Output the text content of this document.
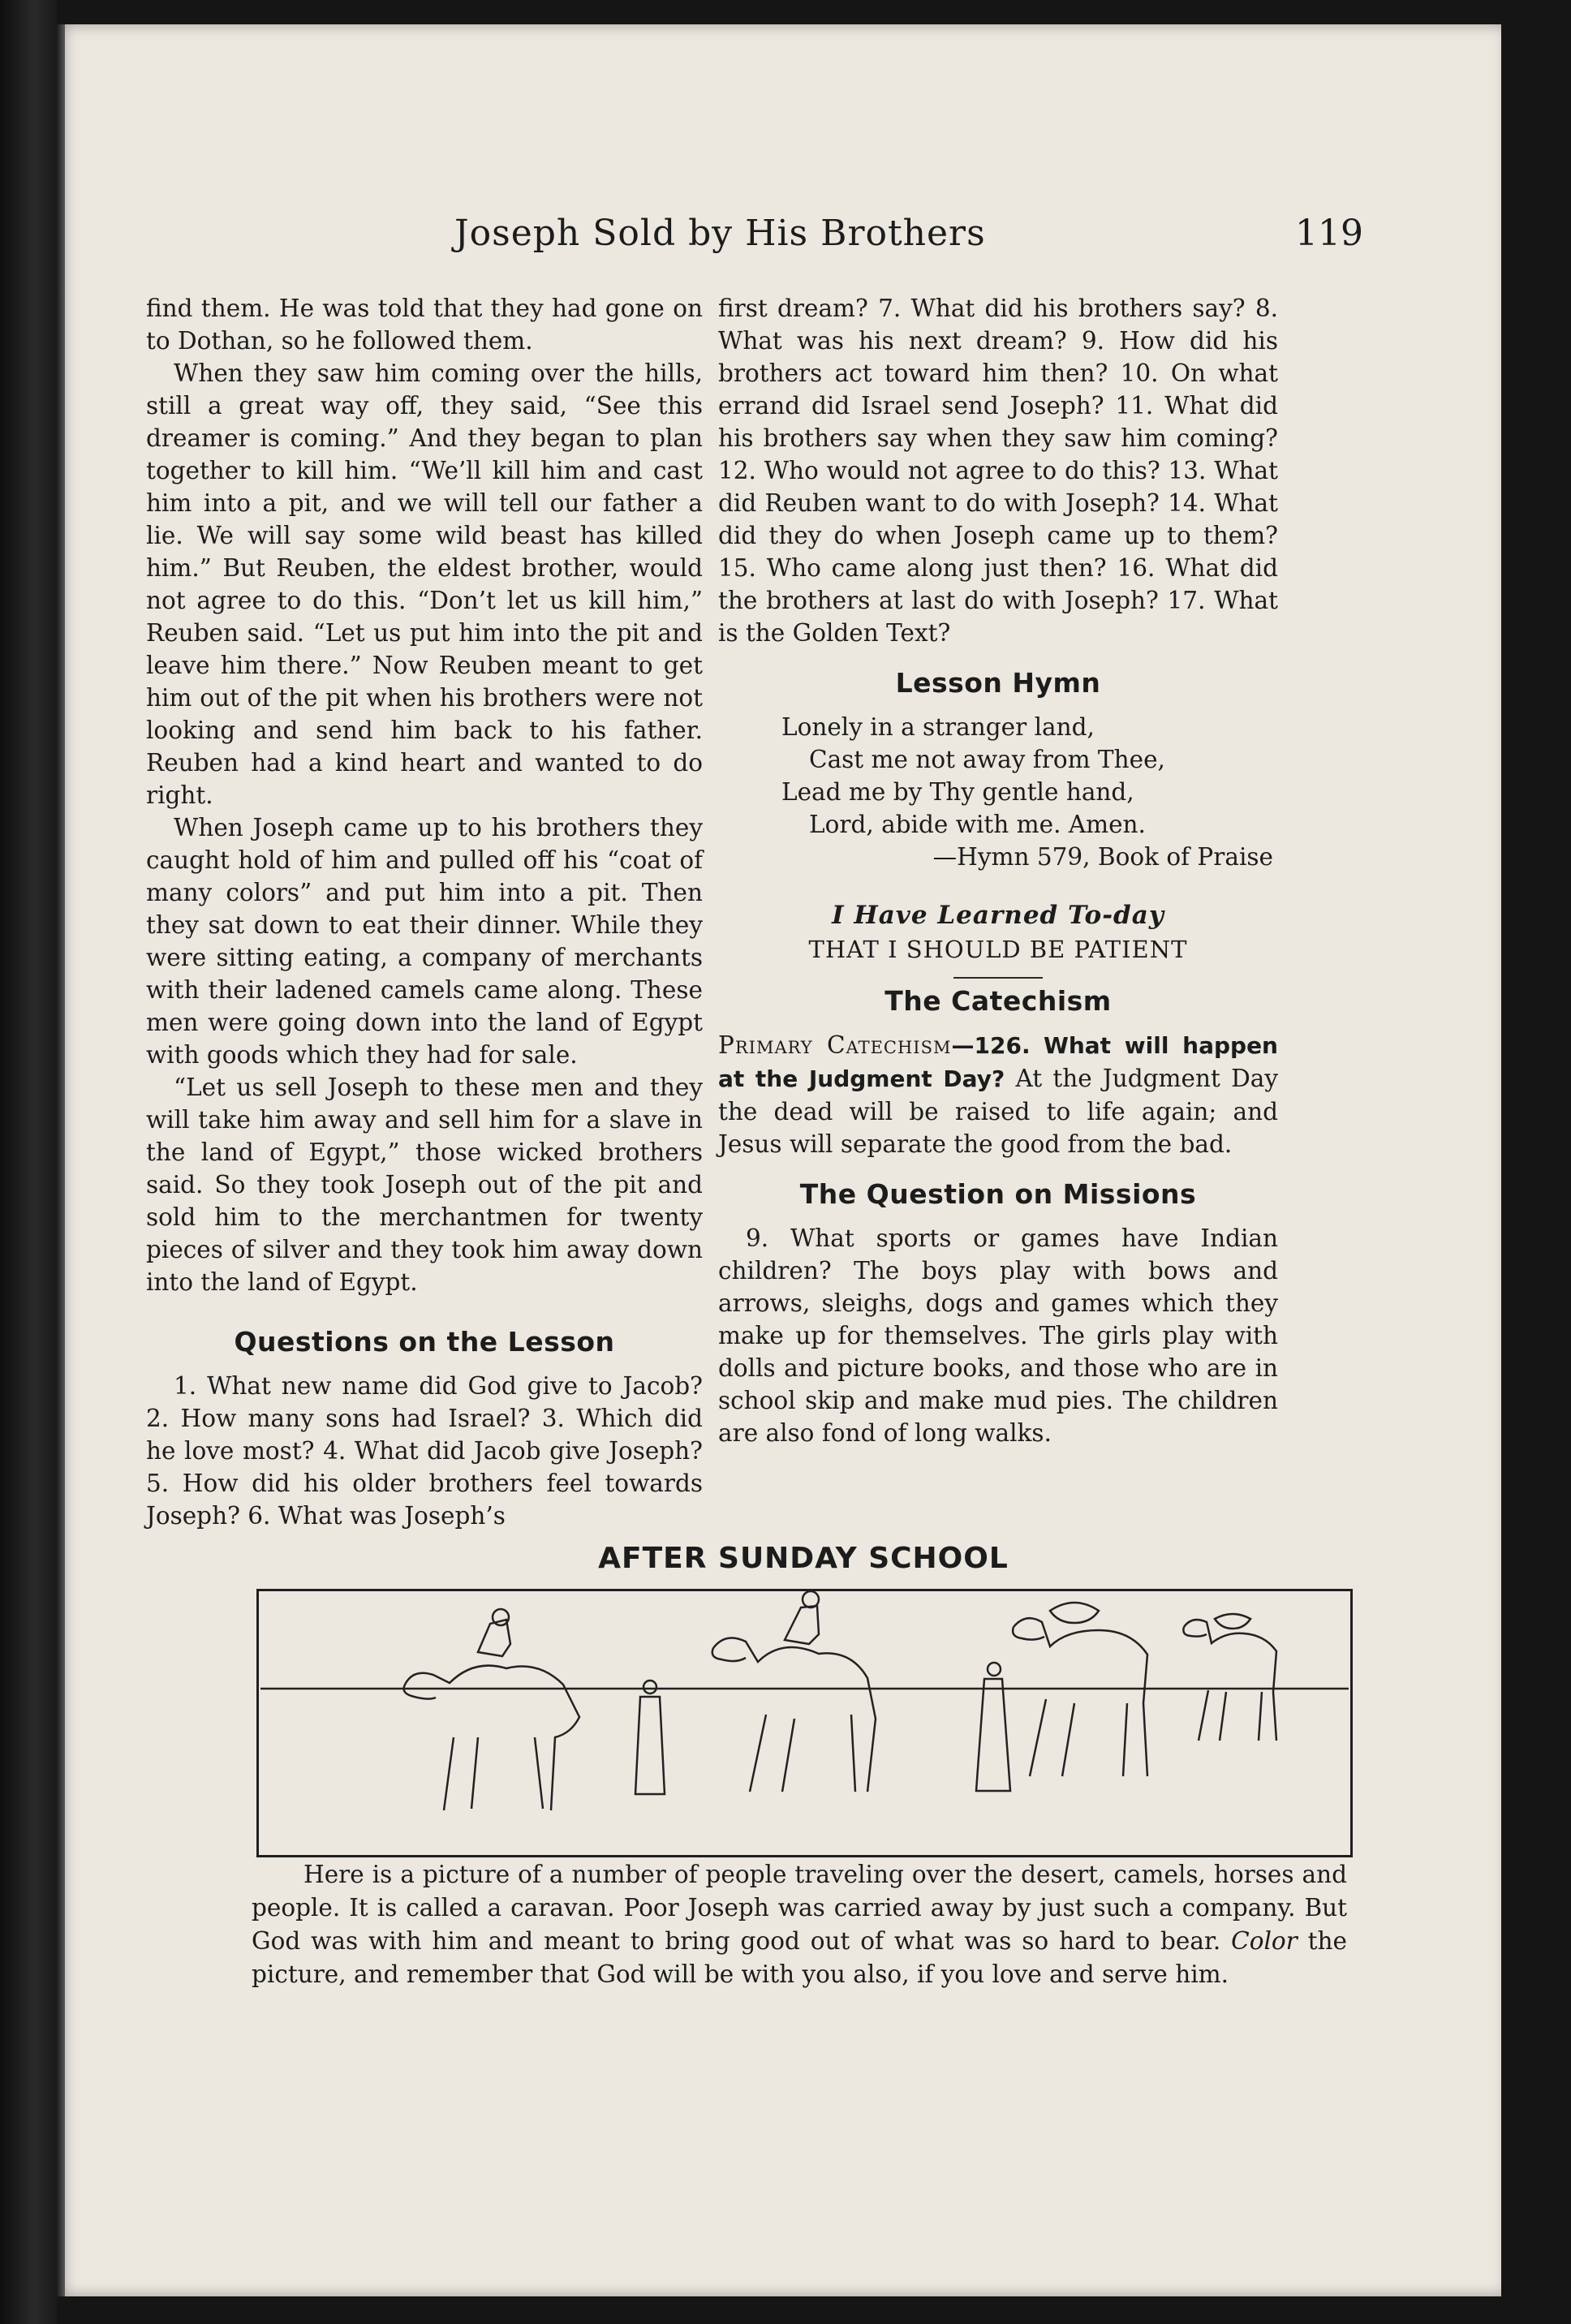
Joseph Sold by His Brothers	119

find them. He was told that they had gone on to Dothan, so he followed them.

When they saw him coming over the hills, still a great way off, they said, “See this dreamer is coming.” And they began to plan together to kill him. “We’ll kill him and cast him into a pit, and we will tell our father a lie. We will say some wild beast has killed him.” But Reuben, the eldest brother, would not agree to do this. “Don’t let us kill him,” Reuben said. “Let us put him into the pit and leave him there.” Now Reuben meant to get him out of the pit when his brothers were not looking and send him back to his father. Reuben had a kind heart and wanted to do right.

When Joseph came up to his brothers they caught hold of him and pulled off his “coat of many colors” and put him into a pit. Then they sat down to eat their dinner. While they were sitting eating, a company of merchants with their ladened camels came along. These men were going down into the land of Egypt with goods which they had for sale.

“Let us sell Joseph to these men and they will take him away and sell him for a slave in the land of Egypt,” those wicked brothers said. So they took Joseph out of the pit and sold him to the merchantmen for twenty pieces of silver and they took him away down into the land of Egypt.

Questions on the Lesson

1. What new name did God give to Jacob? 2. How many sons had Israel? 3. Which did he love most? 4. What did Jacob give Joseph? 5. How did his older brothers feel towards Joseph? 6. What was Joseph’s

first dream? 7. What did his brothers say? 8. What was his next dream? 9. How did his brothers act toward him then? 10. On what errand did Israel send Joseph? 11. What did his brothers say when they saw him coming? 12. Who would not agree to do this? 13. What did Reuben want to do with Joseph? 14. What did they do when Joseph came up to them? 15. Who came along just then? 16. What did the brothers at last do with Joseph? 17. What is the Golden Text?

Lesson Hymn
Lonely in a stranger land,
Cast me not away from Thee,
Lead me by Thy gentle hand,
Lord, abide with me. Amen.
—Hymn 579, Book of Praise
I Have Learned To-day
THAT I SHOULD BE PATIENT
The Catechism

Primary Catechism—126. What will happen at the Judgment Day? At the Judgment Day the dead will be raised to life again; and Jesus will separate the good from the bad.

The Question on Missions

9. What sports or games have Indian children? The boys play with bows and arrows, sleighs, dogs and games which they make up for themselves. The girls play with dolls and picture books, and those who are in school skip and make mud pies. The children are also fond of long walks.

AFTER SUNDAY SCHOOL

Here is a picture of a number of people traveling over the desert, camels, horses and people. It is called a caravan. Poor Joseph was carried away by just such a company. But God was with him and meant to bring good out of what was so hard to bear. Color the picture, and remember that God will be with you also, if you love and serve him.
